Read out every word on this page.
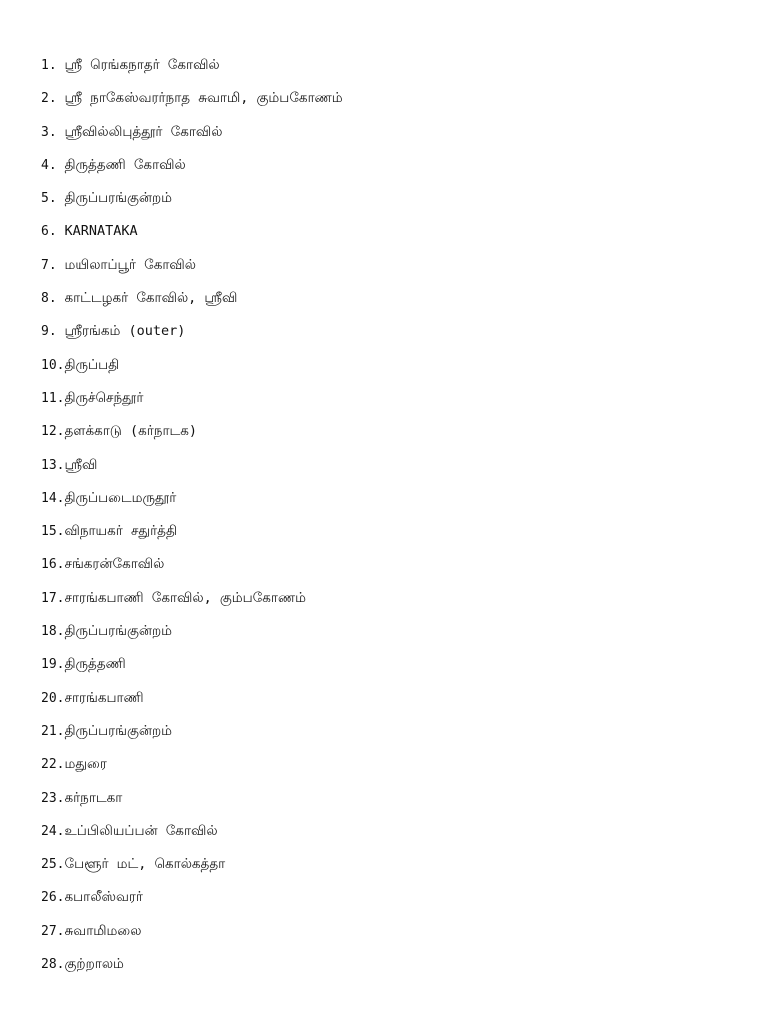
1. ஸ்ரீ ரெங்கநாதர் கோவில்
2. ஸ்ரீ நாகேஸ்வரர்நாத சுவாமி, கும்பகோணம்
3. ஸ்ரீவில்லிபுத்தூர் கோவில்
4. திருத்தணி கோவில்
5. திருப்பரங்குன்றம்
6. KARNATAKA
7. மயிலாப்பூர் கோவில்
8. காட்டழகர் கோவில், ஸ்ரீவி
9. ஸ்ரீரங்கம் (outer)
10.திருப்பதி
11.திருச்செந்தூர்
12.தளக்காடு (கர்நாடக)
13.ஸ்ரீவி
14.திருப்படைமருதூர்
15.விநாயகர் சதுர்த்தி
16.சங்கரன்கோவில்
17.சாரங்கபாணி கோவில், கும்பகோணம்
18.திருப்பரங்குன்றம்
19.திருத்தணி
20.சாரங்கபாணி
21.திருப்பரங்குன்றம்
22.மதுரை
23.கர்நாடகா
24.உப்பிலியப்பன் கோவில்
25.பேளூர் மட், கொல்கத்தா
26.கபாலீஸ்வரர்
27.சுவாமிமலை
28.குற்றாலம்
